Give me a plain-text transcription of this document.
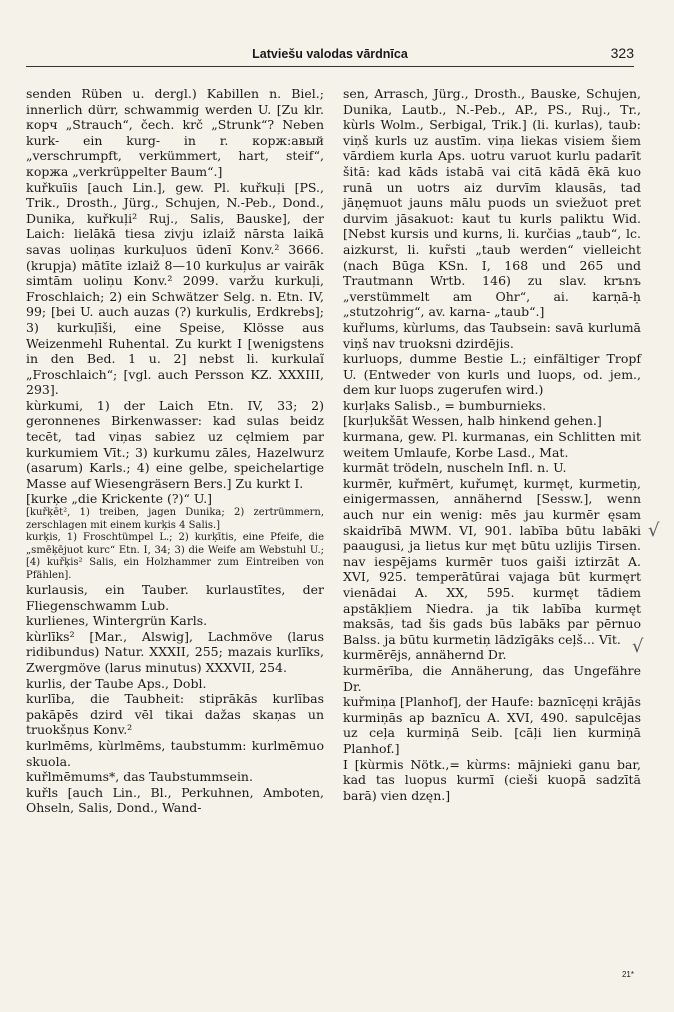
Latviešu valodas vārdnīca	323

senden Rüben u. dergl.) Kabillen n. Biel.; innerlich dürr, schwammig werden U. [Zu klr. корч „Strauch“, čech. krč „Strunk“? Neben kurk- ein kurg- in r. корж:авый „verschrumpft, verkümmert, hart, steif“, коржа „verkrüppelter Baum“.]

kuřkuīis [auch Lin.], gew. Pl. kuřkuļi [PS., Trik., Drosth., Jürg., Schujen, N.-Peb., Dond., Dunika, kuřkuļi² Ruj., Salis, Bauske], der Laich: lielākā tiesa zivju izlaiž nārsta laikā savas uoliņas kurkuļuos ūdenī Konv.² 3666. (krupja) mātīte izlaiž 8—10 kurkuļus ar vairāk simtām uoliņu Konv.² 2099. varžu kurkuļi, Froschlaich; 2) ein Schwätzer Selg. n. Etn. IV, 99; [bei U. auch auzas (?) kurkulis, Erdkrebs]; 3) kurkuļīši, eine Speise, Klösse aus Weizenmehl Ruhental. Zu kurkt I [wenigstens in den Bed. 1 u. 2] nebst li. kurkulaĩ „Froschlaich“; [vgl. auch Persson KZ. XXXIII, 293].

kùrkumi, 1) der Laich Etn. IV, 33; 2) geronnenes Birkenwasser: kad sulas beidz tecēt, tad viņas sabiez uz cęlmiem par kurkumiem Vīt.; 3) kurkumu zāles, Hazelwurz (asarum) Karls.; 4) eine gelbe, speichelartige Masse auf Wiesengräsern Bers.] Zu kurkt I.

[kurķe „die Krickente (?)“ U.]

[kuřķēt², 1) treiben, jagen Dunika; 2) zertrümmern, zerschlagen mit einem kurķis 4 Salis.]

kurķis, 1) Froschtümpel L.; 2) kurķītis, eine Pfeife, die „smēķējuot kurc“ Etn. I, 34; 3) die Weife am Webstuhl U.; [4) kuřķis² Salis, ein Holzhammer zum Eintreiben von Pfählen].

kurlausis, ein Tauber. kurlaustītes, der Fliegenschwamm Lub.

kurlienes, Wintergrün Karls.

kùrlīks² [Mar., Alswig], Lachmöve (larus ridibundus) Natur. XXXII, 255; mazais kurlīks, Zwergmöve (larus minutus) XXXVII, 254.

kurlis, der Taube Aps., Dobl.

kurlība, die Taubheit: stiprākās kurlības pakāpēs dzird vēl tikai dažas skaņas un truokšņus Konv.²

kurlmēms, kùrlmēms, taubstumm: kurlmēmuo skuola.

kuřlmēmums*, das Taubstummsein.

kuřls [auch Lin., Bl., Perkuhnen, Amboten, Ohseln, Salis, Dond., Wand-

sen, Arrasch, Jürg., Drosth., Bauske, Schujen, Dunika, Lautb., N.-Peb., AP., PS., Ruj., Tr., kùrls Wolm., Serbigal, Trik.] (li. kurlas), taub: viņš kurls uz austīm. viņa liekas visiem šiem vārdiem kurla Aps. uotru varuot kurlu padarīt šitā: kad kāds istabā vai citā kādā ēkā kuo runā un uotrs aiz durvīm klausās, tad jāņęmuot jauns mālu puods un sviežuot pret durvim jāsakuot: kaut tu kurls paliktu Wid. [Nebst kursis und kurns, li. kurčias „taub“, lc. aizkurst, li. kur̃sti „taub werden“ vielleicht (nach Būga KSn. I, 168 und 265 und Trautmann Wrtb. 146) zu slav. krъnъ „verstümmelt am Ohr“, ai. karṇā-ḥ „stutzohrig“, av. karna- „taub“.]

kuřlums, kùrlums, das Taubsein: savā kurlumā viņš nav truoksni dzirdējis.

kurluops, dumme Bestie L.; einfältiger Tropf U. (Entweder von kurls und luops, od. jem., dem kur luops zugerufen wird.)

kurļaks Salisb., = bumburnieks.

[kurļukšāt Wessen, halb hinkend gehen.]

kurmana, gew. Pl. kurmanas, ein Schlitten mit weitem Umlaufe, Korbe Lasd., Mat.

kurmāt trödeln, nuscheln Infl. n. U.

kurmēr, kuřmērt, kuřumęt, kurmęt, kurmetiņ, einigermassen, annähernd [Sessw.], wenn auch nur ein wenig: mēs jau kurmēr ęsam skaidrībā MWM. VI, 901. labība būtu labāki paaugusi, ja lietus kur męt būtu uzlijis Tirsen. nav iespējams kurmēr tuos gaiši iztirzāt A. XVI, 925. temperātūrai vajaga būt kurmęrt vienādai A. XX, 595. kurmęt tādiem apstākļiem Niedra. ja tik labība kurmęt maksās, tad šis gads būs labāks par pērnuo Balss. ja būtu kurmetiņ lādzīgāks ceļš... Vīt.

kurmērējs, annähernd Dr.

kurmērība, die Annäherung, das Ungefähre Dr.

kuřmiņa [Planhof], der Haufe: baznīcęņi krājās kurmiņās ap baznīcu A. XVI, 490. sapulcējas uz ceļa kurmiņā Seib. [cāļi lien kurmiņā Planhof.]

I [kùrmis Nötk.,= kùrms: mājnieki ganu bar, kad tas luopus kurmī (cieši kuopā sadzītā barā) vien dzęn.]

√
√
21*
